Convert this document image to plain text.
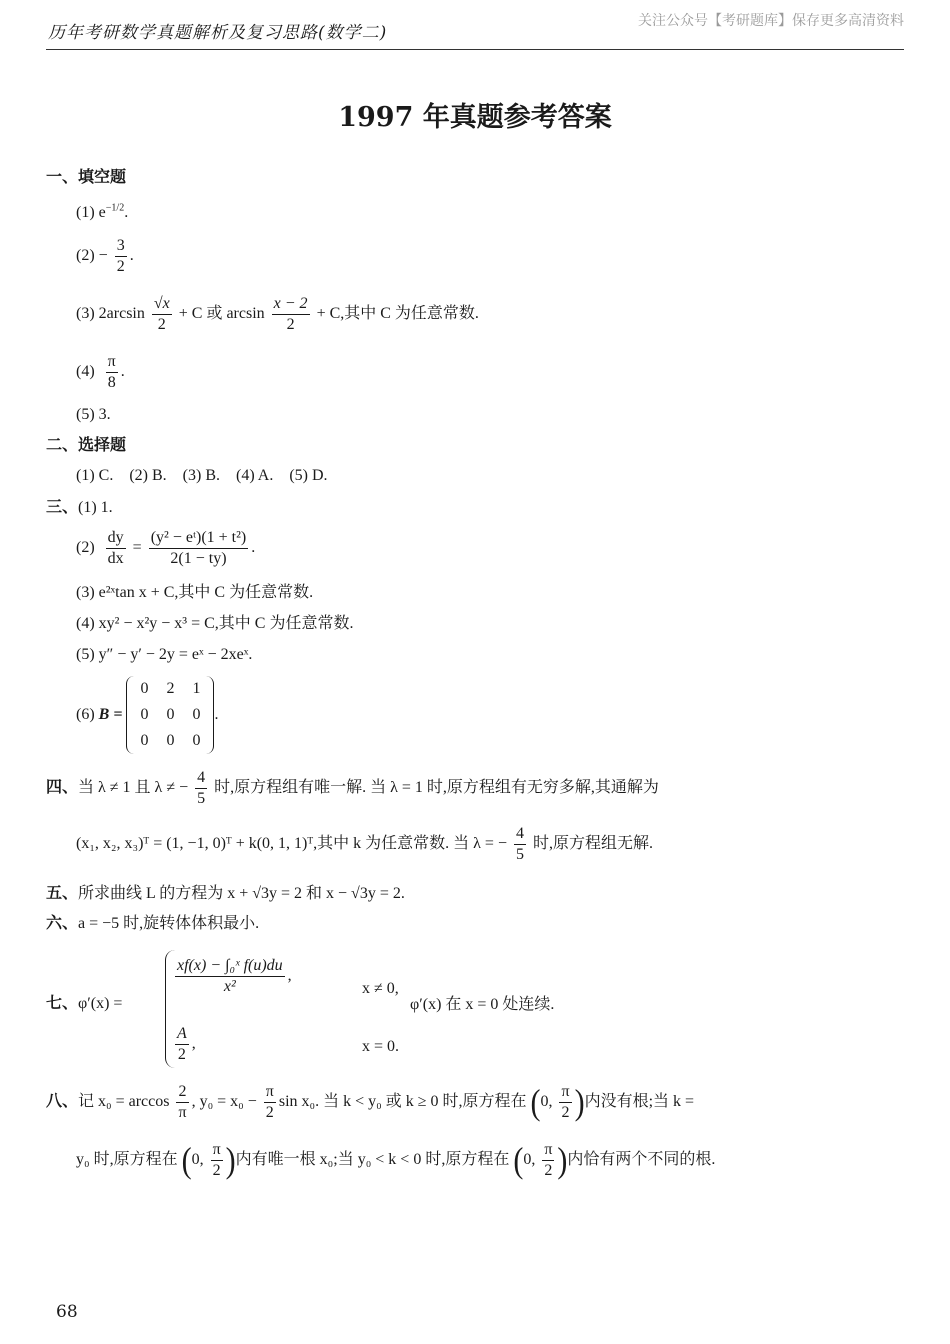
历年考研数学真题解析及复习思路(数学二)
关注公众号【考研题库】保存更多高清资料
1997 年真题参考答案
一、填空题
(1) $e^{-1/2}$.
$(2) - \frac{3}{2}$ .
(3) $2\arcsin \frac{√x}{2} + C$ 或 $\arcsin \frac{x - 2}{2} + C$,其中 C 为任意常数.
$(4) \frac{\pi}{8}$ .
(5) 3.
二、选择题
(1) C.    (2) B.    (3) B.    (4) A.    (5) D.
三、(1) 1.
$(2) \frac{dy}{dx} = \frac{\text{(y² − eᵗ)(1 + t²)}}{2(1 - ty)}$ .
(3) e²ˣtan x + C,其中 C 为任意常数.
(4) xy² − x²y − x³ = C,其中 C 为任意常数.
(5) y″ − y′ − 2y = eˣ − 2xeˣ.
(6) B =
0	2	1
0	0	0
0	0	0
.
四、当 λ ≠ 1 且 λ ≠ − $\frac{4}{5}$ 时,原方程组有唯一解. 当 λ = 1 时,原方程组有无穷多解,其通解为
(x₁, x₂, x₃)ᵀ = (1, −1, 0)ᵀ + k(0, 1, 1)ᵀ,其中 k 为任意常数. 当 λ = − $\frac{4}{5}$ 时,原方程组无解.
五、所求曲线 L 的方程为 x + √3y = 2 和 x − √3y = 2.
六、a = −5 时,旋转体体积最小.
七、φ′(x) =
$\frac{\text{xf(x) − ∫₀ˣ f(u)du}}{\text{x²}}$ ,
x ≠ 0,
$\frac{A}{2}$ ,	x = 0.
φ′(x) 在 x = 0 处连续.
八、记 $x_0 = \arccos \frac{2}{\pi}$ , $y_0 = x_0 - \frac{\pi}{2}$ sin x₀. 当 k < y₀ 或 k ≥ 0 时,原方程在 (0, $\frac{\pi}{2}$ )内没有根;当 k =
y₀ 时,原方程在 (0, $\frac{\pi}{2}$ )内有唯一根 x₀;当 y₀ < k < 0 时,原方程在 (0, $\frac{\pi}{2}$ )内恰有两个不同的根.
68
